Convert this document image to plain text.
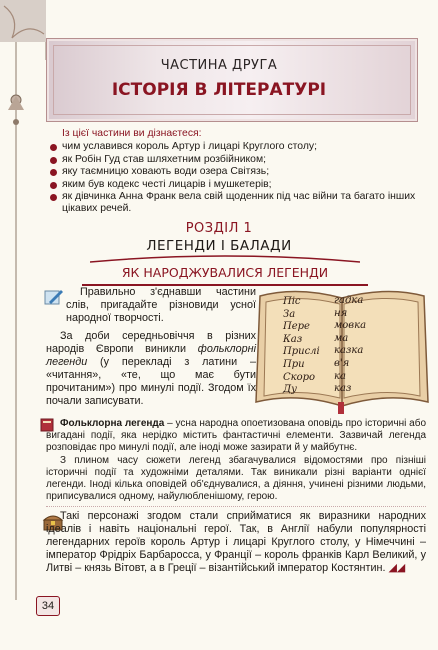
ЧАСТИНА ДРУГА
ІСТОРІЯ В ЛІТЕРАТУРІ
Із цієї частини ви дізнаєтеся:
чим уславився король Артур і лицарі Круглого столу;
як Робін Гуд став шляхетним розбійником;
яку таємницю ховають води озера Світязь;
яким був кодекс честі лицарів і мушкетерів;
як дівчинка Анна Франк вела свій щоденник під час війни та багато інших цікавих речей.
РОЗДІЛ 1
ЛЕГЕНДИ І БАЛАДИ
ЯК НАРОДЖУВАЛИСЯ ЛЕГЕНДИ
Правильно з'єднавши частини слів, пригадайте різновиди усної народної творчості.
За доби середньовіччя в різних народів Європи виникли фольклорні легенди (у перекладі з латини – «читання», «те, що має бути прочитаним») про минулі події. Згодом їх почали записувати.
Піс
За
Пере
Каз
Прислі
При
Скоро
Ду
гадка
ня
мовка
ма
казка
в'я
ка
каз
Фольклорна легенда – усна народна опоетизована оповідь про історичні або вигадані події, яка нерідко містить фантастичні елементи. Зазвичай легенда розповідає про минулі події, але іноді може зазирати й у майбутнє.
З плином часу сюжети легенд збагачувалися відомостями про пізніші історичні події та художніми деталями. Так виникали різні варіанти однієї легенди. Іноді кілька оповідей об'єднувалися, а діяння, учинені різними людьми, приписувалися одному, найулюбленішому, герою.
Такі персонажі згодом стали сприйматися як виразники народних ідеалів і навіть національні герої. Так, в Англії набули популярності легендарних героїв король Артур і лицарі Круглого столу, у Німеччині – імператор Фрідріх Барбаросса, у Франції – король франків Карл Великий, у Литві – князь Вітовт, а в Греції – візантійський імператор Костянтин. ◢◢
34
